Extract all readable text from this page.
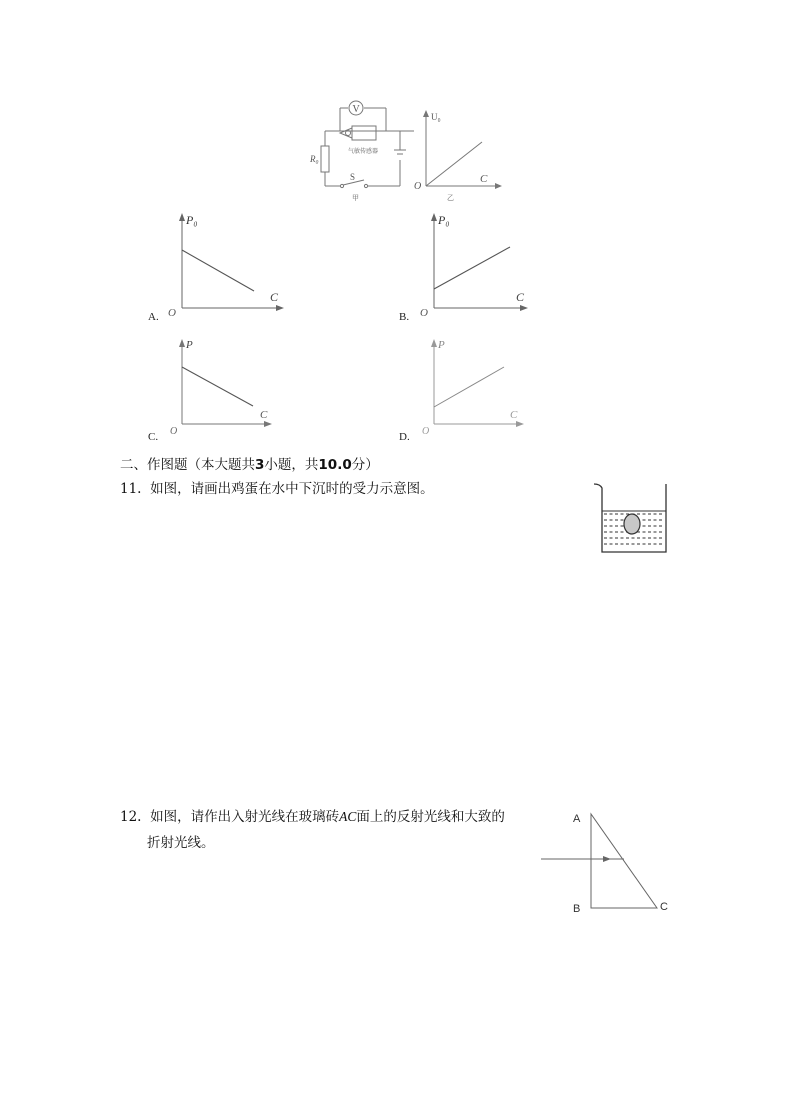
V
R₀
气敏传感器
S
甲
U₀
C
O
乙
A.
P₀
C
O	B.
P₀
C
O
C.
P
C
O	D.
P
C
O
二、作图题（本大题共3小题，共10.0分）
11. 如图，请画出鸡蛋在水中下沉时的受力示意图。
12. 如图，请作出入射光线在玻璃砖AC面上的反射光线和大致的
折射光线。
A
B	C
